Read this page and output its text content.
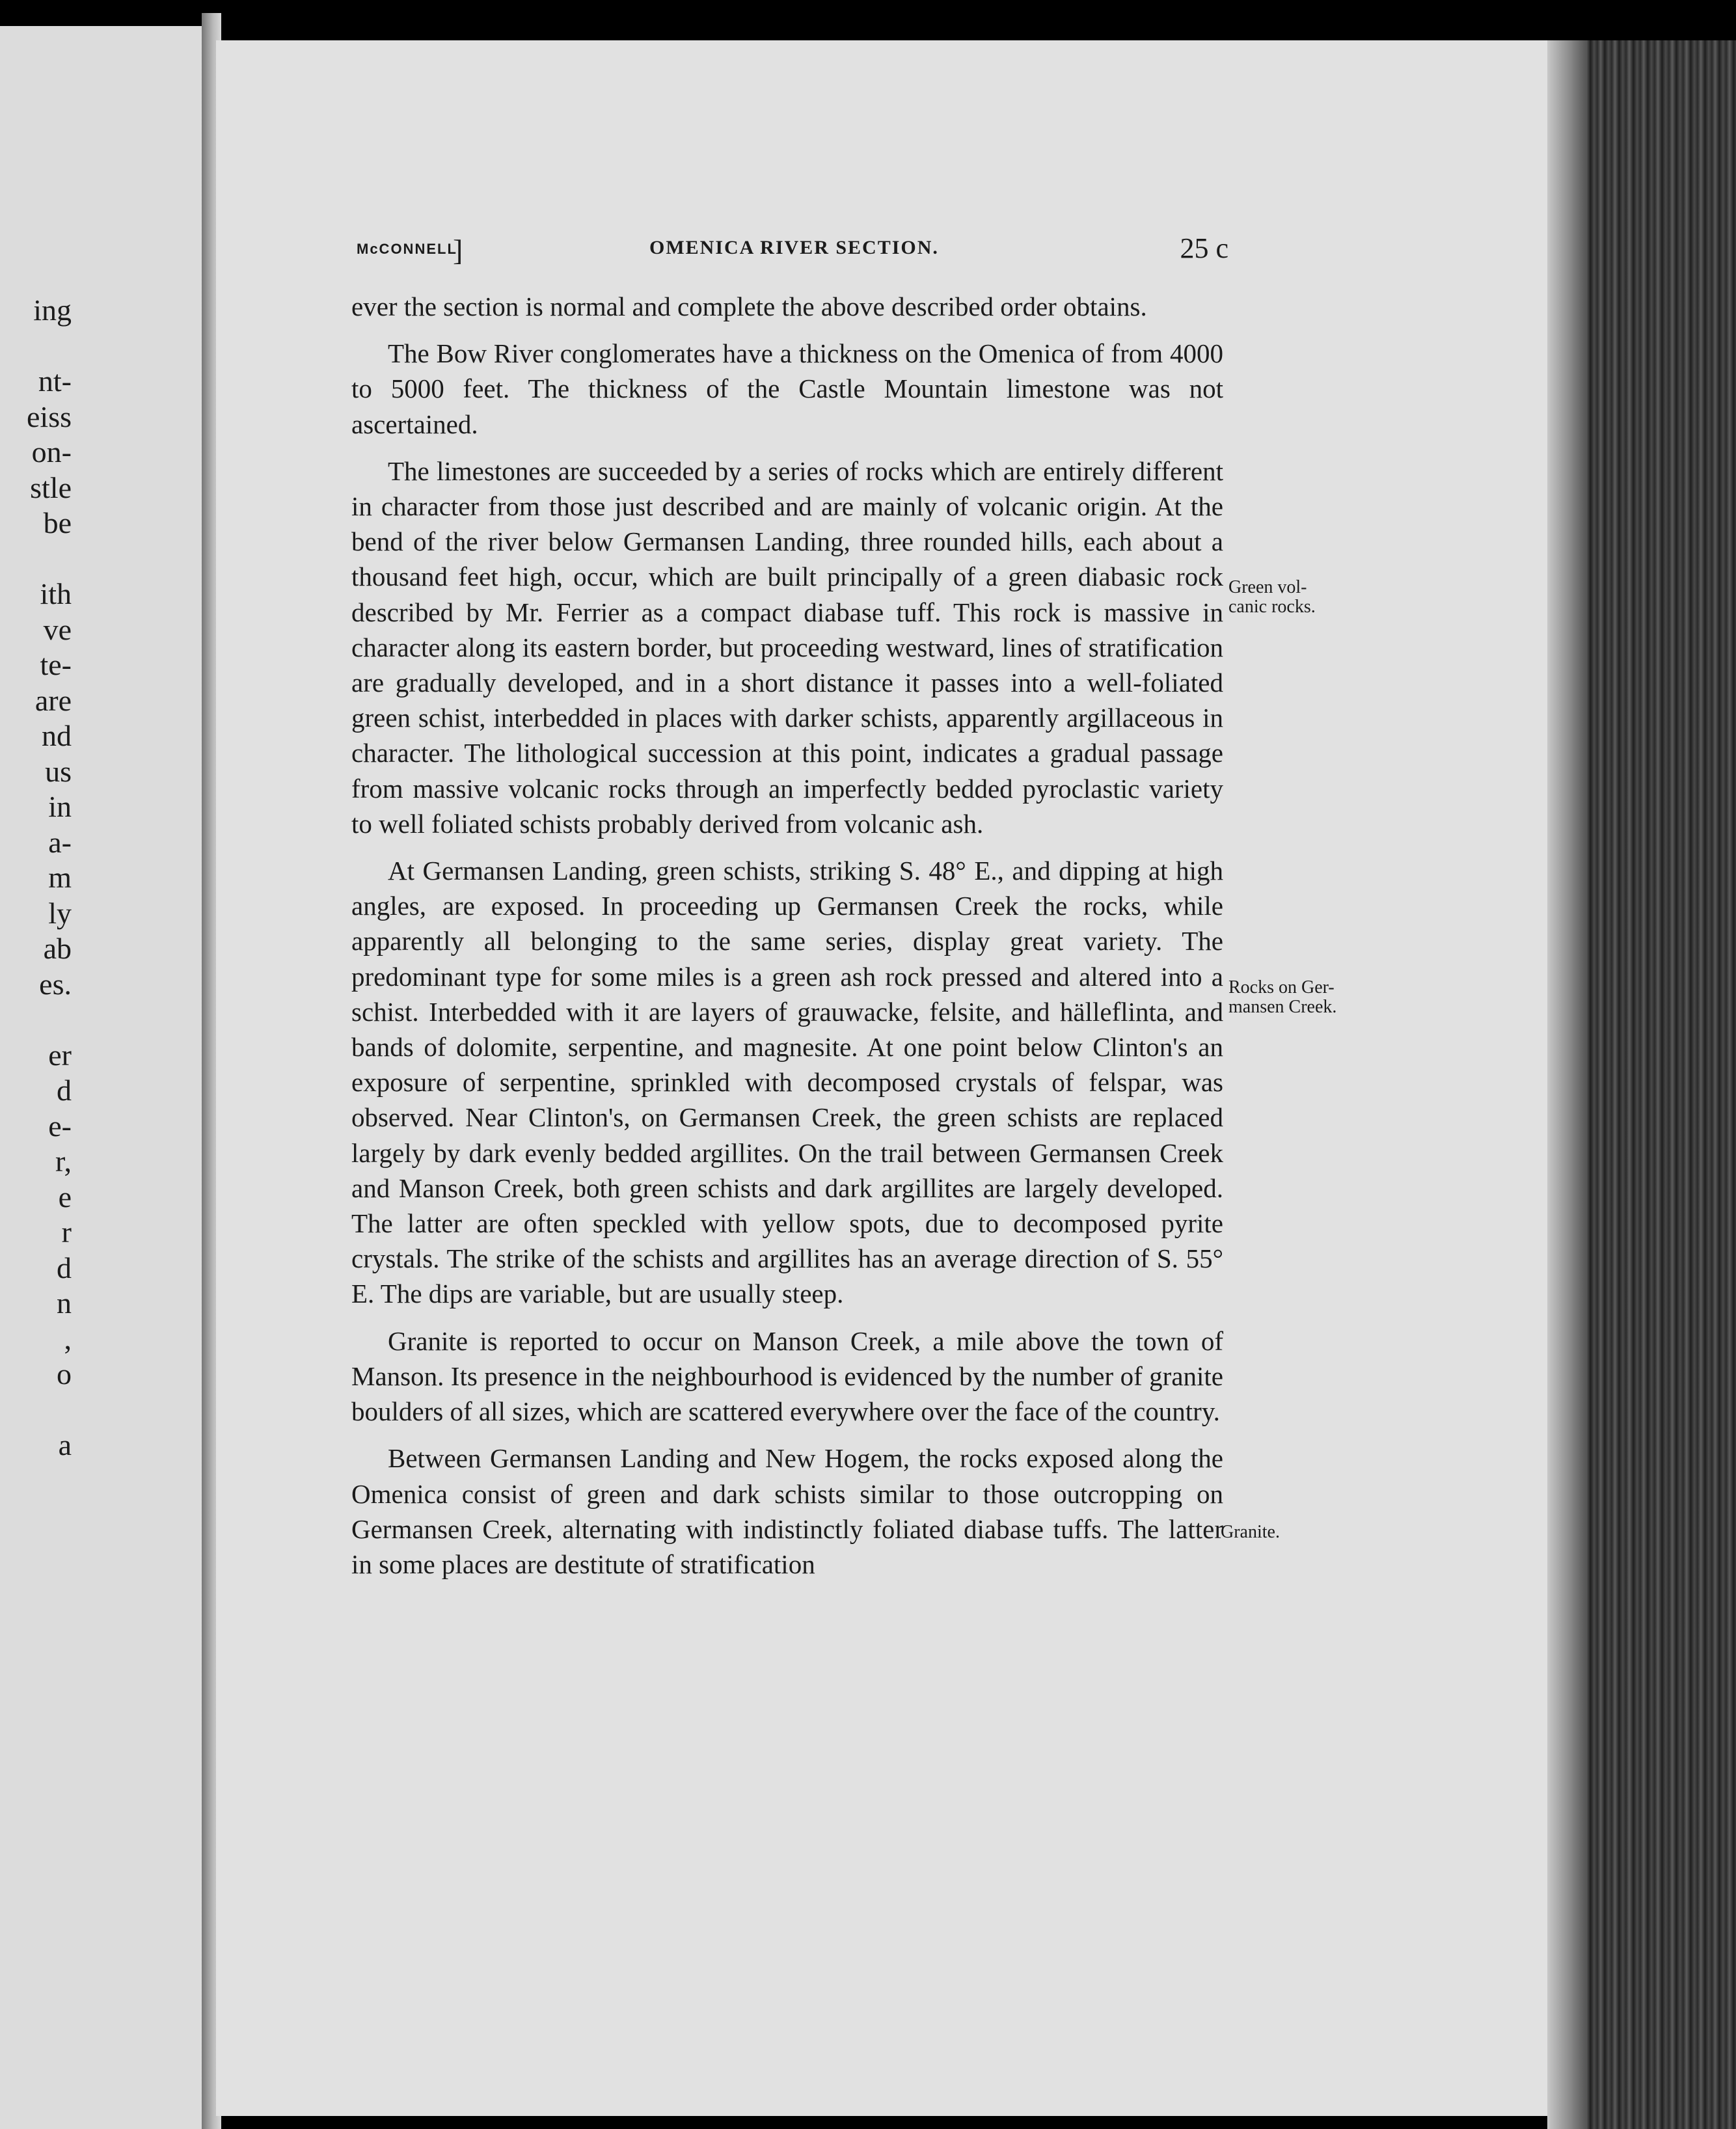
ing
nt-
eiss
on-
stle
be
ith
ve
te-
are
nd
us
in
a-
m
ly
ab
es.
er
d
e-
r,
e
r
d
n
,
o
a
McCONNELL
]	OMENICA RIVER SECTION.	25 c

ever the section is normal and complete the above described order obtains.

The Bow River conglomerates have a thickness on the Omenica of from 4000 to 5000 feet. The thickness of the Castle Mountain limestone was not ascertained.

The limestones are succeeded by a series of rocks which are entirely different in character from those just described and are mainly of volcanic origin. At the bend of the river below Germansen Landing, three rounded hills, each about a thousand feet high, occur, which are built principally of a green diabasic rock described by Mr. Ferrier as a compact diabase tuff. This rock is massive in character along its eastern border, but proceeding westward, lines of stratification are gradually developed, and in a short distance it passes into a well-foliated green schist, interbedded in places with darker schists, apparently argillaceous in character. The lithological succession at this point, indicates a gradual passage from massive volcanic rocks through an imperfectly bedded pyroclastic variety to well foliated schists probably derived from volcanic ash.

At Germansen Landing, green schists, striking S. 48° E., and dipping at high angles, are exposed. In proceeding up Germansen Creek the rocks, while apparently all belonging to the same series, display great variety. The predominant type for some miles is a green ash rock pressed and altered into a schist. Interbedded with it are layers of grauwacke, felsite, and hälleflinta, and bands of dolomite, serpentine, and magnesite. At one point below Clinton's an exposure of serpentine, sprinkled with decomposed crystals of felspar, was observed. Near Clinton's, on Germansen Creek, the green schists are replaced largely by dark evenly bedded argillites. On the trail between Germansen Creek and Manson Creek, both green schists and dark argillites are largely developed. The latter are often speckled with yellow spots, due to decomposed pyrite crystals. The strike of the schists and argillites has an average direction of S. 55° E. The dips are variable, but are usually steep.

Granite is reported to occur on Manson Creek, a mile above the town of Manson. Its presence in the neighbourhood is evidenced by the number of granite boulders of all sizes, which are scattered everywhere over the face of the country.

Between Germansen Landing and New Hogem, the rocks exposed along the Omenica consist of green and dark schists similar to those outcropping on Germansen Creek, alternating with indistinctly foliated diabase tuffs. The latter in some places are destitute of stratification

Green vol-
canic rocks.
Rocks on Ger-
mansen Creek.
Granite.
